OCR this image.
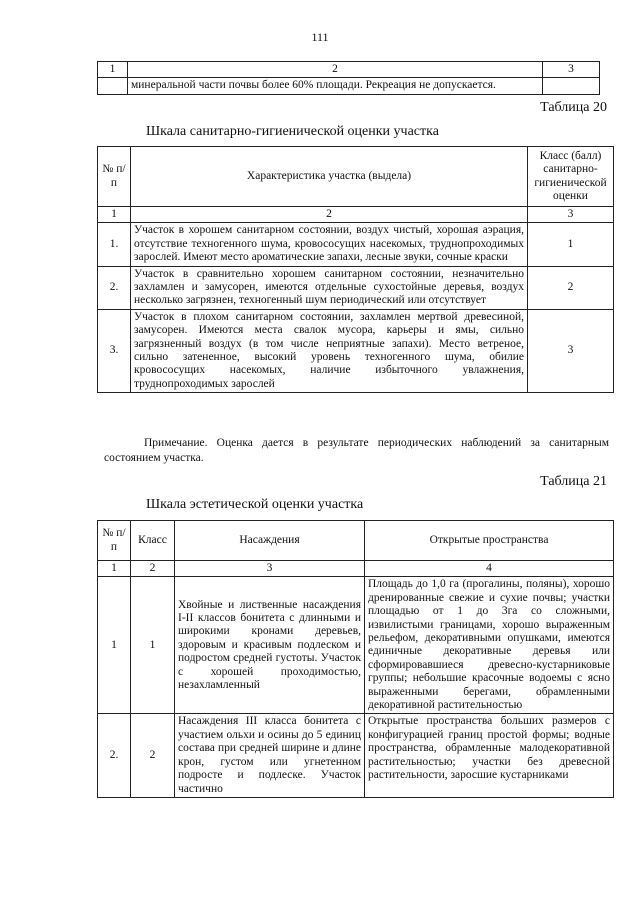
111
1	2	3
	минеральной части почвы более 60% площади. Рекреация не допускается.	
Таблица 20
Шкала санитарно-гигиенической оценки участка
№ п/п	Характеристика участка (выдела)	Класс (балл) санитарно-гигиенической оценки
1	2	3
1.	Участок в хорошем санитарном состоянии, воздух чистый, хорошая аэрация, отсутствие техногенного шума, кровососущих насекомых, труднопроходимых зарослей. Имеют место ароматические запахи, лесные звуки, сочные краски	1
2.	Участок в сравнительно хорошем санитарном состоянии, незначительно захламлен и замусорен, имеются отдельные сухостойные деревья, воздух несколько загрязнен, техногенный шум периодический или отсутствует	2
3.	Участок в плохом санитарном состоянии, захламлен мертвой древесиной, замусорен. Имеются места свалок мусора, карьеры и ямы, сильно загрязненный воздух (в том числе неприятные запахи). Место ветреное, сильно затененное, высокий уровень техногенного шума, обилие кровососущих насекомых, наличие избыточного увлажнения, труднопроходимых зарослей	3
Примечание. Оценка дается в результате периодических наблюдений за санитарным состоянием участка.
Таблица 21
Шкала эстетической оценки участка
№ п/п	Класс	Насаждения	Открытые пространства
1	2	3	4
1	1	Хвойные и лиственные насаждения I-II классов бонитета с длинными и широкими кронами деревьев, здоровым и красивым подлеском и подростом средней густоты. Участок с хорошей проходимостью, незахламленный	Площадь до 1,0 га (прогалины, поляны), хорошо дренированные свежие и сухие почвы; участки площадью от 1 до 3га со сложными, извилистыми границами, хорошо выраженным рельефом, декоративными опушками, имеются единичные декоративные деревья или сформировавшиеся древесно-кустарниковые группы; небольшие красочные водоемы с ясно выраженными берегами, обрамленными декоративной растительностью
2.	2	Насаждения III класса бонитета с участием ольхи и осины до 5 единиц состава при средней ширине и длине крон, густом или угнетенном подросте и подлеске. Участок частично	Открытые пространства больших размеров с конфигурацией границ простой формы; водные пространства, обрамленные малодекоративной растительностью; участки без древесной растительности, заросшие кустарниками
